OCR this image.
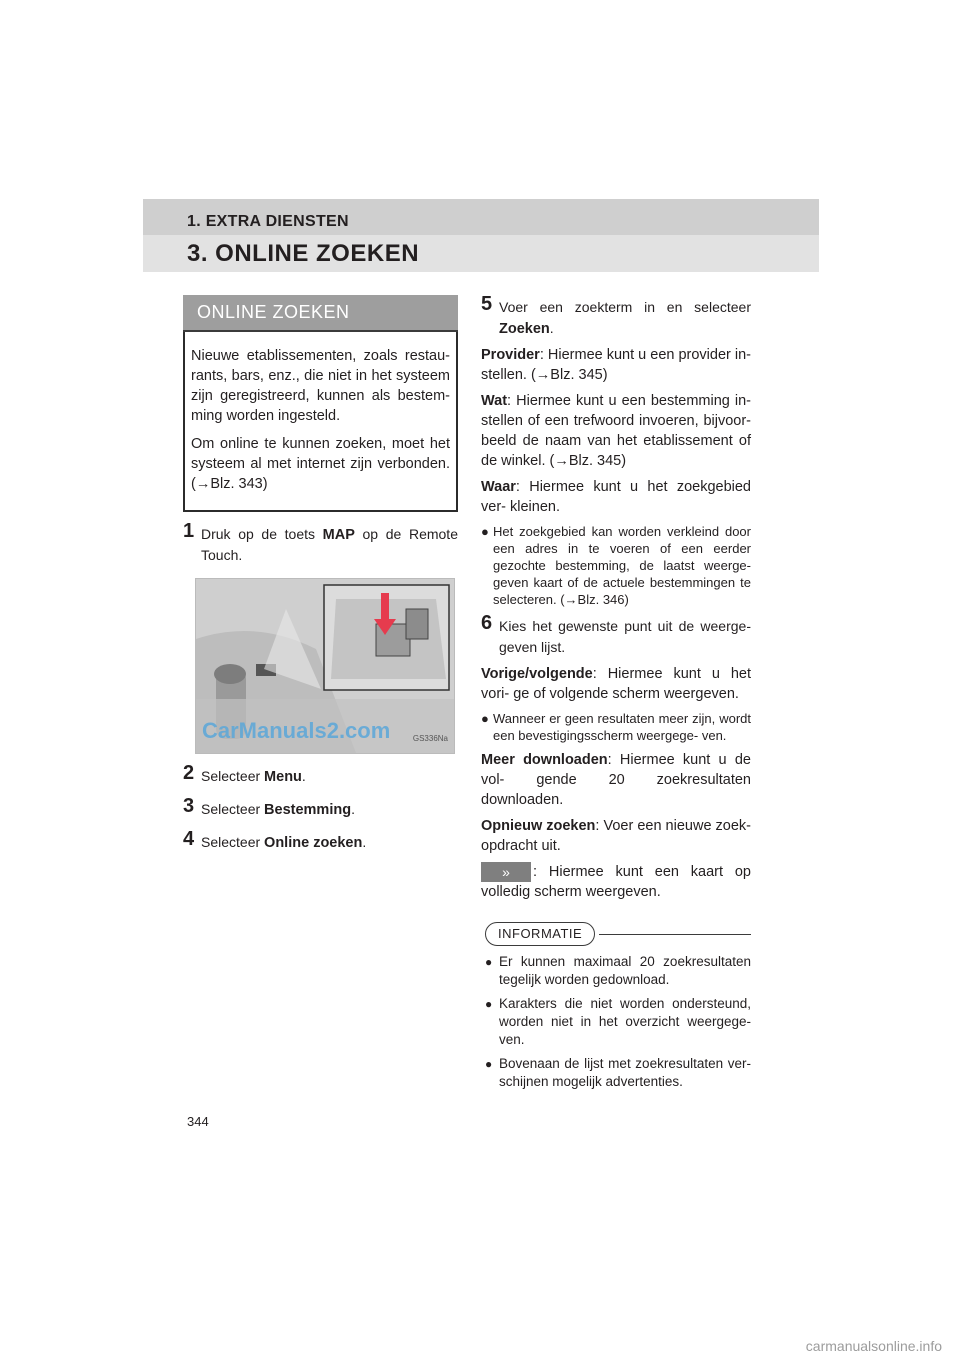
1. EXTRA DIENSTEN
3. ONLINE ZOEKEN
ONLINE ZOEKEN

Nieuwe etablissementen, zoals restau- rants, bars, enz., die niet in het systeem zijn geregistreerd, kunnen als bestem- ming worden ingesteld.

Om online te kunnen zoeken, moet het systeem al met internet zijn verbonden. (→Blz. 343)

1 Druk op de toets MAP op de Remote Touch.

CarManuals2.com	GS336Na

2 Selecteer Menu.

3 Selecteer Bestemming.

4 Selecteer Online zoeken.

5 Voer een zoekterm in en selecteer Zoeken.

Provider: Hiermee kunt u een provider in- stellen. (→Blz. 345)

Wat: Hiermee kunt u een bestemming in- stellen of een trefwoord invoeren, bijvoor- beeld de naam van het etablissement of de winkel. (→Blz. 345)

Waar: Hiermee kunt u het zoekgebied ver- kleinen.

● Het zoekgebied kan worden verkleind door een adres in te voeren of een eerder gezochte bestemming, de laatst weerge- geven kaart of de actuele bestemmingen te selecteren. (→Blz. 346)

6 Kies het gewenste punt uit de weerge- geven lijst.

Vorige/volgende: Hiermee kunt u het vori- ge of volgende scherm weergeven.

● Wanneer er geen resultaten meer zijn, wordt een bevestigingsscherm weergege- ven.

Meer downloaden: Hiermee kunt u de vol- gende 20 zoekresultaten downloaden.

Opnieuw zoeken: Voer een nieuwe zoek- opdracht uit.

» : Hiermee kunt een kaart op volledig scherm weergeven.

INFORMATIE

● Er kunnen maximaal 20 zoekresultaten tegelijk worden gedownload.

● Karakters die niet worden ondersteund, worden niet in het overzicht weergege- ven.

● Bovenaan de lijst met zoekresultaten ver- schijnen mogelijk advertenties.

344
carmanualsonline.info
